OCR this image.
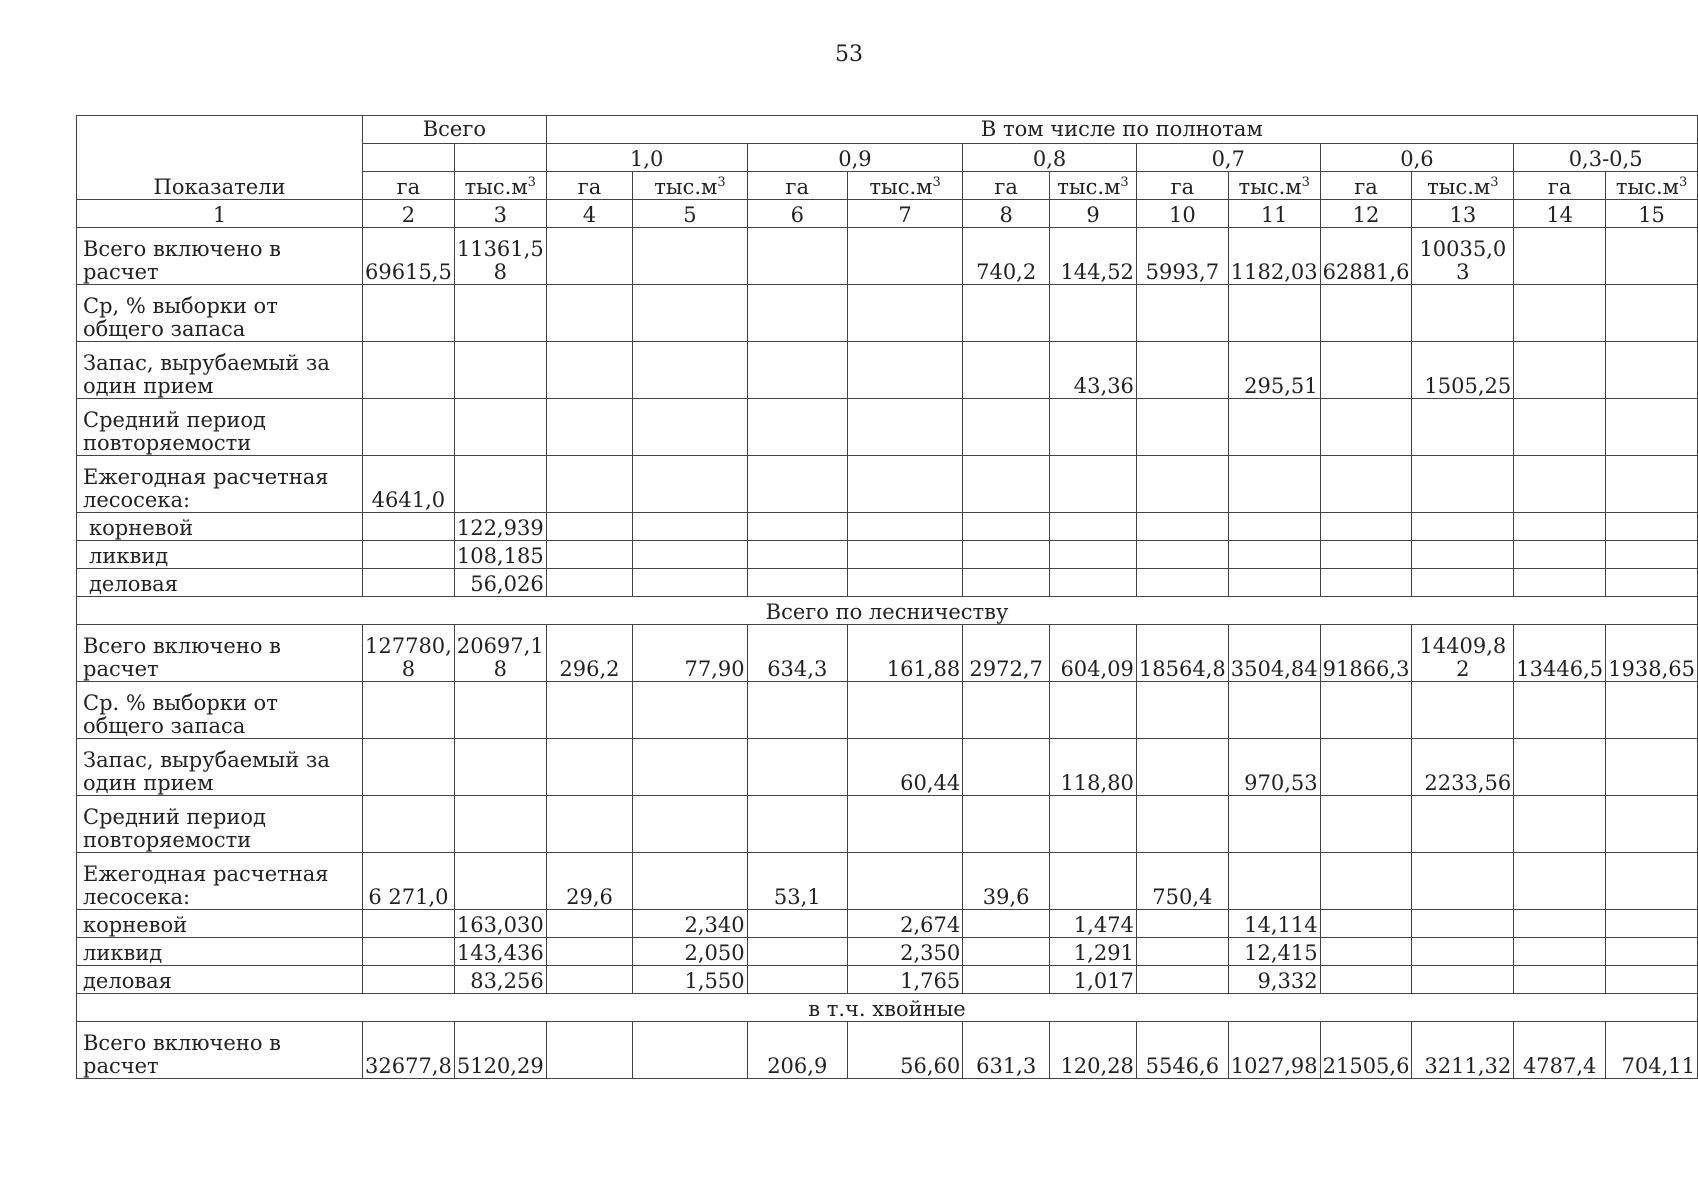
53
Показатели	Всего		В том числе по полнотам											
			1,0		0,9		0,8		0,7		0,6		0,3-0,5	
	га	$тыс.м^3$	га	$тыс.м^3$	га	$тыс.м^3$	га	$тыс.м^3$	га	$тыс.м^3$	га	$тыс.м^3$	га	$тыс.м^3$
1	2	3	4	5	6	7	8	9	10	11	12	13	14	15
Всего включено в расчет	69615,5	11361,58					740,2	144,52	5993,7	1182,03	62881,6	10035,03		
Ср, % выборки от общего запаса														
Запас, вырубаемый за один прием								43,36		295,51		1505,25		
Средний период повторяемости														
Ежегодная расчетная лесосека:	4641,0													
корневой		122,939												
ликвид		108,185												
деловая		56,026												
Всего по лесничеству														
Всего включено в расчет	127780,8	20697,18	296,2	77,90	634,3	161,88	2972,7	604,09	18564,8	3504,84	91866,3	14409,82	13446,5	1938,65
Ср. % выборки от общего запаса														
Запас, вырубаемый за один прием						60,44		118,80		970,53		2233,56		
Средний период повторяемости														
Ежегодная расчетная лесосека:	6 271,0		29,6		53,1		39,6		750,4					
корневой		163,030		2,340		2,674		1,474		14,114				
ликвид		143,436		2,050		2,350		1,291		12,415				
деловая		83,256		1,550		1,765		1,017		9,332				
в т.ч. хвойные														
Всего включено в расчет	32677,8	5120,29			206,9	56,60	631,3	120,28	5546,6	1027,98	21505,6	3211,32	4787,4	704,11
